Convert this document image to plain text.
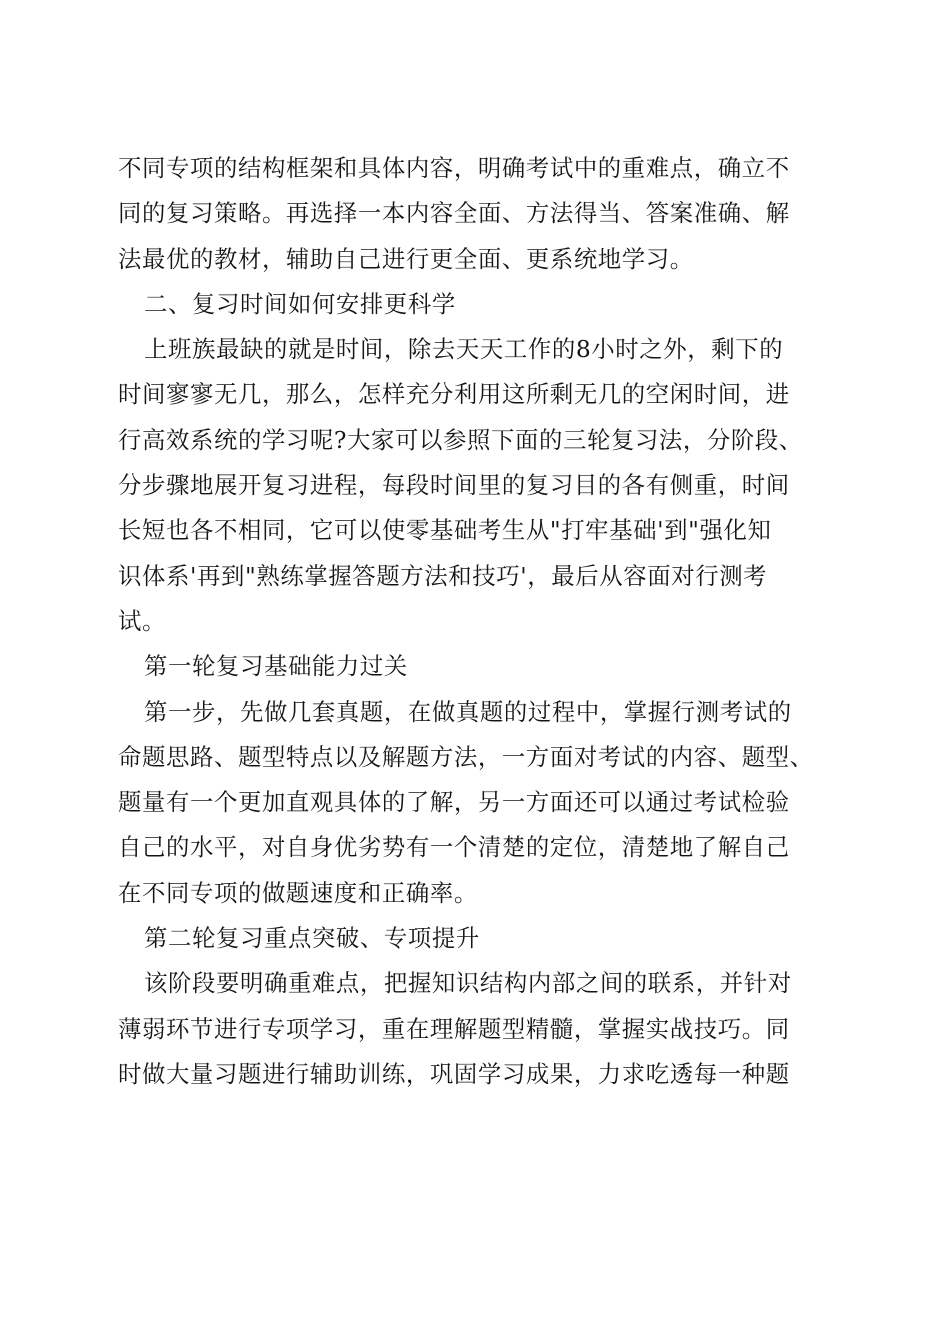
不同专项的结构框架和具体内容，明确考试中的重难点，确立不
同的复习策略。再选择一本内容全面、方法得当、答案准确、解
法最优的教材，辅助自己进行更全面、更系统地学习。
二、复习时间如何安排更科学
上班族最缺的就是时间，除去天天工作的8小时之外，剩下的
时间寥寥无几，那么，怎样充分利用这所剩无几的空闲时间，进
行高效系统的学习呢?大家可以参照下面的三轮复习法，分阶段、
分步骤地展开复习进程，每段时间里的复习目的各有侧重，时间
长短也各不相同，它可以使零基础考生从"打牢基础'到"强化知
识体系'再到"熟练掌握答题方法和技巧'，最后从容面对行测考
试。
第一轮复习基础能力过关
第一步，先做几套真题，在做真题的过程中，掌握行测考试的
命题思路、题型特点以及解题方法，一方面对考试的内容、题型、
题量有一个更加直观具体的了解，另一方面还可以通过考试检验
自己的水平，对自身优劣势有一个清楚的定位，清楚地了解自己
在不同专项的做题速度和正确率。
第二轮复习重点突破、专项提升
该阶段要明确重难点，把握知识结构内部之间的联系，并针对
薄弱环节进行专项学习，重在理解题型精髓，掌握实战技巧。同
时做大量习题进行辅助训练，巩固学习成果，力求吃透每一种题
